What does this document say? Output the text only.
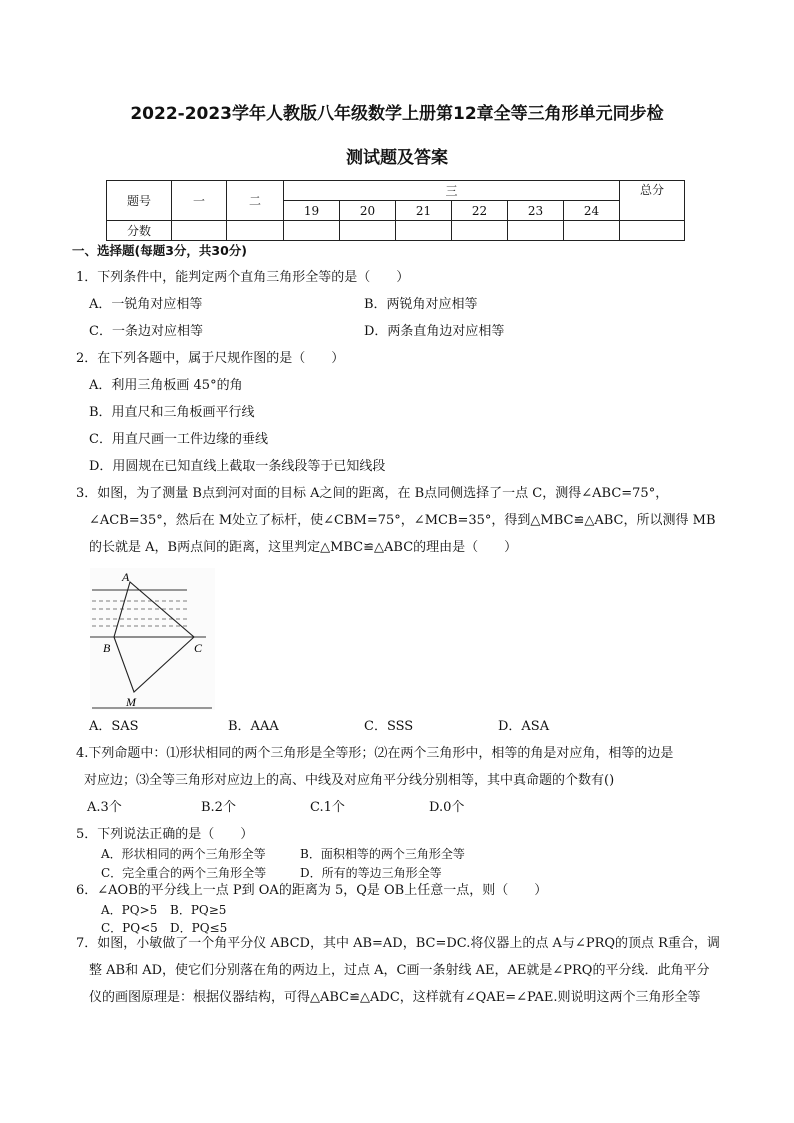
2022-2023学年人教版八年级数学上册第12章全等三角形单元同步检
测试题及答案
题号	一	二	三						总分
			19	20	21	22	23	24	
分数									
一、选择题(每题3分，共30分)
1．下列条件中，能判定两个直角三角形全等的是（　　）
A．一锐角对应相等	B．两锐角对应相等
C．一条边对应相等	D．两条直角边对应相等
2．在下列各题中，属于尺规作图的是（　　）
A．利用三角板画 45°的角
B．用直尺和三角板画平行线
C．用直尺画一工件边缘的垂线
D．用圆规在已知直线上截取一条线段等于已知线段
3．如图，为了测量 B点到河对面的目标 A之间的距离，在 B点同侧选择了一点 C，测得∠ABC=75°，
∠ACB=35°，然后在 M处立了标杆，使∠CBM=75°，∠MCB=35°，得到△MBC≌△ABC，所以测得 MB
的长就是 A，B两点间的距离，这里判定△MBC≌△ABC的理由是（　　）
A
B	C
M
A．SAS	B．AAA	C．SSS	D．ASA
4.下列命题中：⑴形状相同的两个三角形是全等形；⑵在两个三角形中，相等的角是对应角，相等的边是
对应边；⑶全等三角形对应边上的高、中线及对应角平分线分别相等，其中真命题的个数有()
A.3个	B.2个	C.1个	D.0个
5．下列说法正确的是（　　）
A．形状相同的两个三角形全等	B．面积相等的两个三角形全等
C．完全重合的两个三角形全等	D．所有的等边三角形全等
6．∠AOB的平分线上一点 P到 OA的距离为 5，Q是 OB上任意一点，则（　　）
A．PQ>5 B．PQ≥5
C．PQ<5 D．PQ≤5
7．如图，小敏做了一个角平分仪 ABCD，其中 AB=AD，BC=DC.将仪器上的点 A与∠PRQ的顶点 R重合，调
整 AB和 AD，使它们分别落在角的两边上，过点 A，C画一条射线 AE，AE就是∠PRQ的平分线．此角平分
仪的画图原理是：根据仪器结构，可得△ABC≌△ADC，这样就有∠QAE=∠PAE.则说明这两个三角形全等
